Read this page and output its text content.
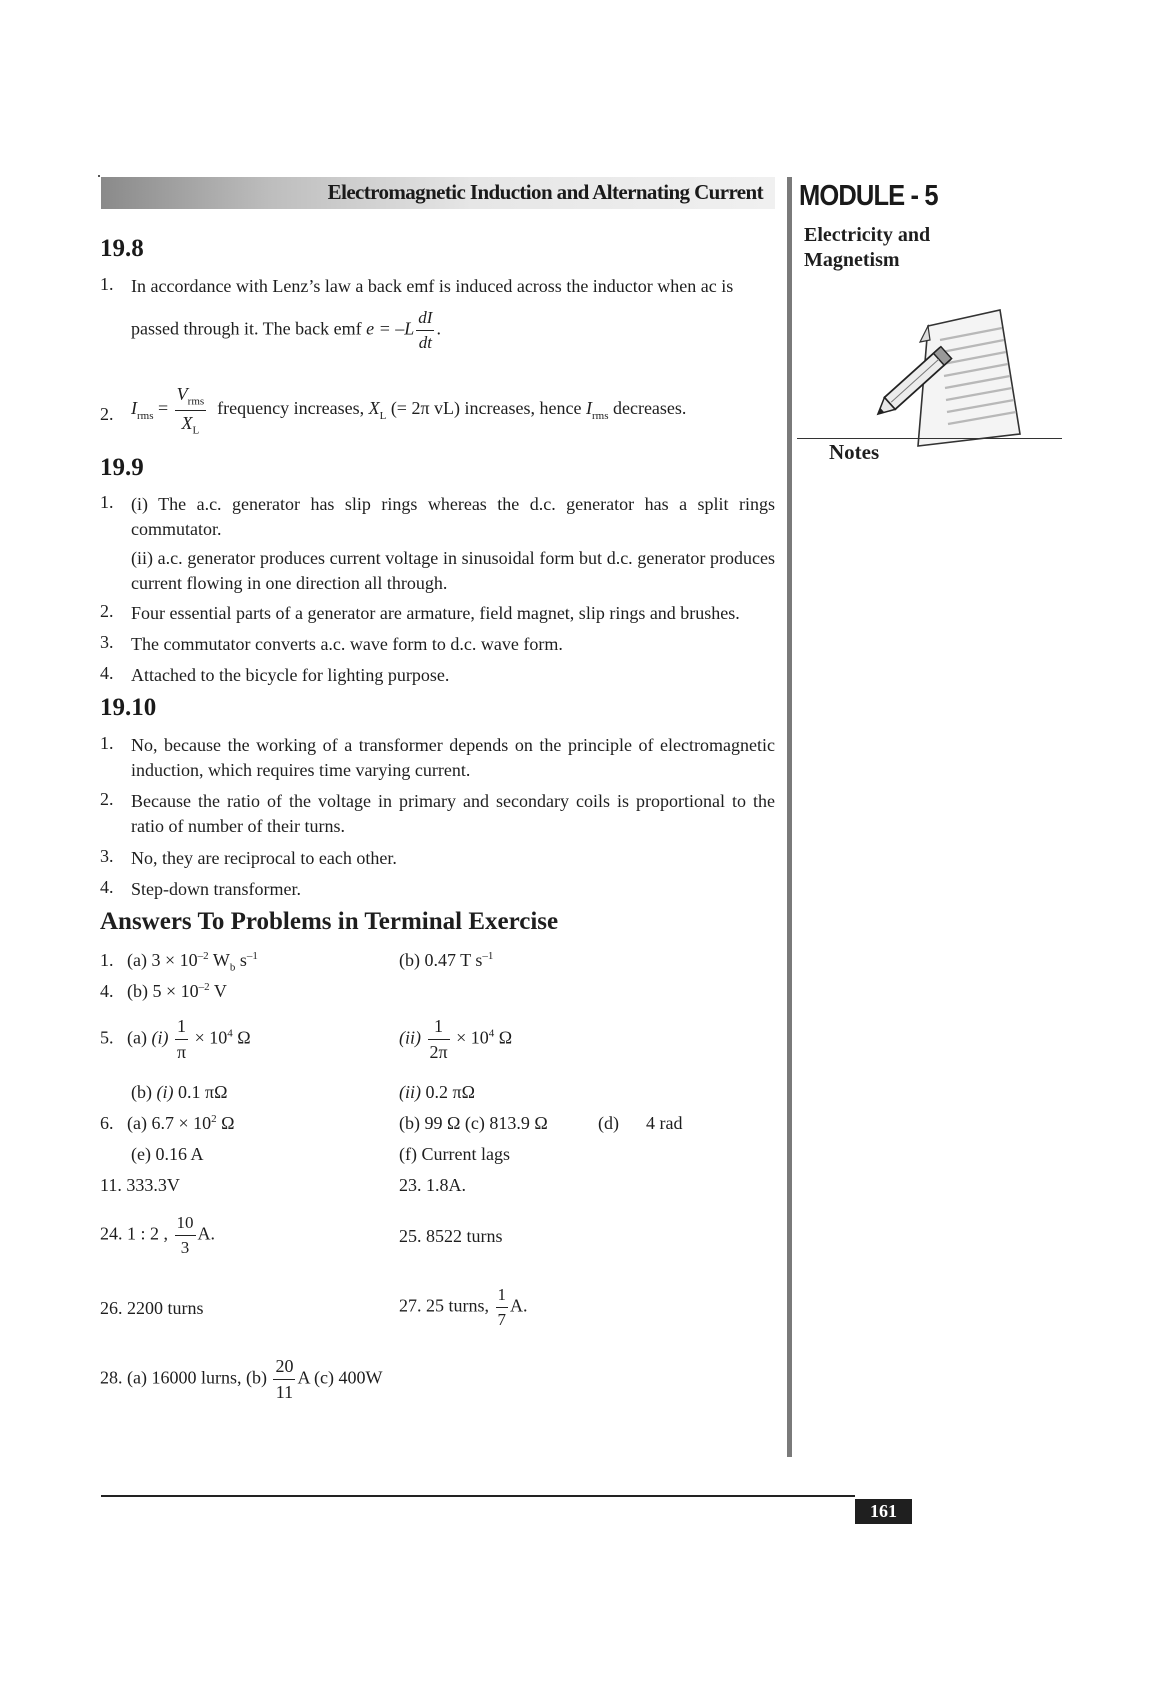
Electromagnetic Induction and Alternating Current MODULE - 5
Electricity and
Magnetism
Notes
19.8
1. In accordance with Lenz’s law a back emf is induced across the inductor when ac is
passed through it. The back emf $e = -L \frac{dI}{dt}$ .
2. $I_{rms} = \frac{V_{rms}}{X_L}$ frequency increases, $X_L$ (= 2π vL) increases, hence $I_{rms}$ decreases.
19.9
1. (i) The a.c. generator has slip rings whereas the d.c. generator has a split rings commutator.
(ii) a.c. generator produces current voltage in sinusoidal form but d.c. generator produces current flowing in one direction all through.
2. Four essential parts of a generator are armature, field magnet, slip rings and brushes.
3. The commutator converts a.c. wave form to d.c. wave form.
4. Attached to the bicycle for lighting purpose.
19.10
1. No, because the working of a transformer depends on the principle of electromagnetic induction, which requires time varying current.
2. Because the ratio of the voltage in primary and secondary coils is proportional to the ratio of number of their turns.
3. No, they are reciprocal to each other.
4. Step-down transformer.
Answers To Problems in Terminal Exercise
1. (a) $3 \times 10^{-2}$ $W_b$ $s^{-1}$	(b) 0.47 T $s^{-1}$
4. (b) $5 \times 10^{-2}$ V
5. (a) $(i) \frac{1}{\pi} \times 10^4$ Ω	$(ii) \frac{1}{2\pi} \times 10^4$ Ω
(b) (i) 0.1 πΩ	(ii) 0.2 πΩ
6. (a) $6.7 \times 10^2$ Ω	(b) 99 Ω (c) 813.9 Ω	(d) 4 rad
(e) 0.16 A	(f) Current lags
11. 333.3V	23. 1.8A.
24. 1 : 2 , $\frac{10}{3} A$.	25. 8522 turns
26. 2200 turns	27. 25 turns, $\frac{1}{7} A$.
28. (a) 16000 lurns, $(b) \frac{20}{11}$ A (c) 400W
161
